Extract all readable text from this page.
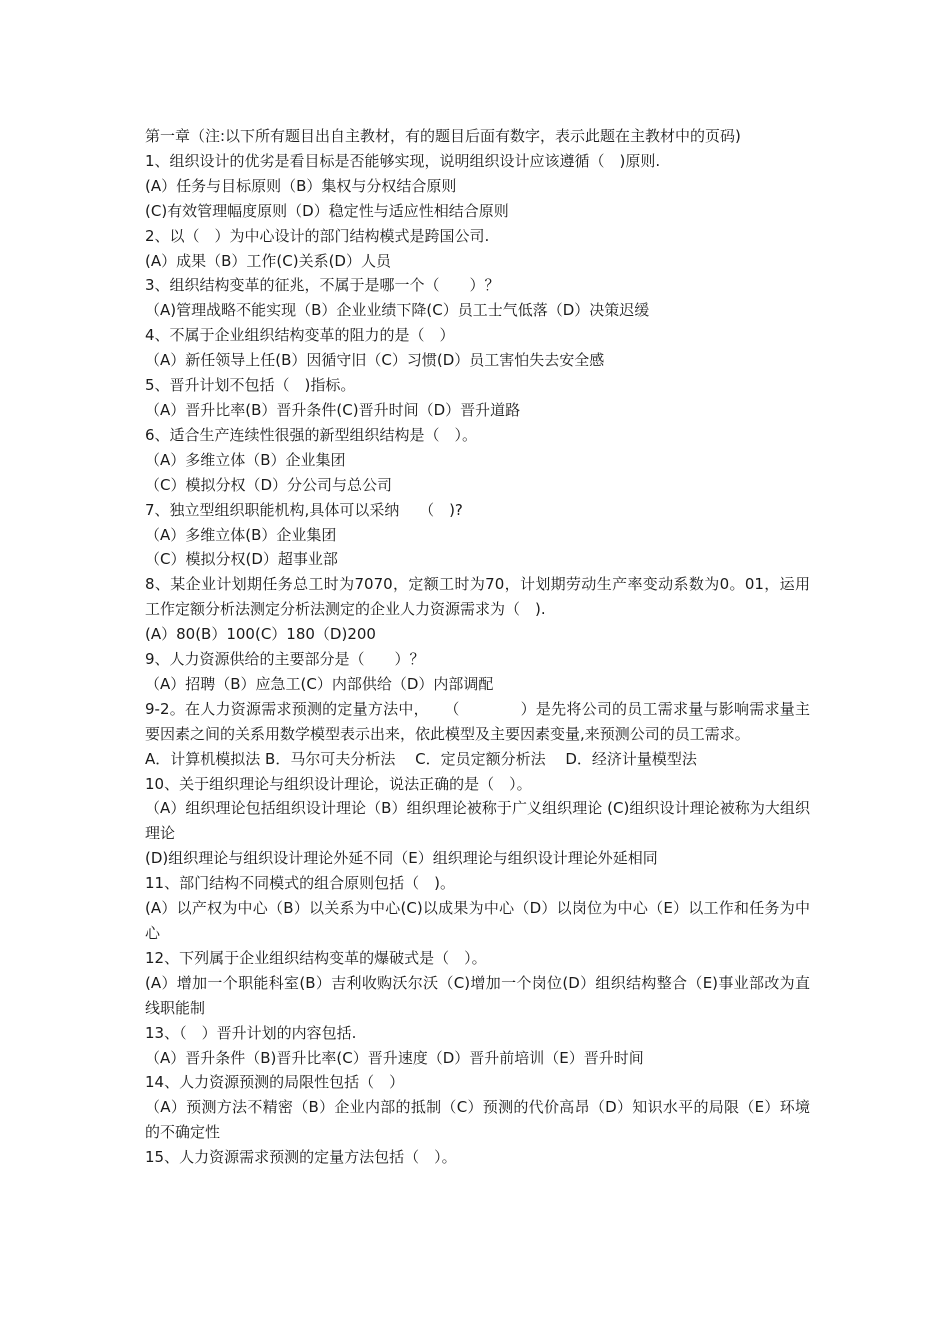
第一章（注:以下所有题目出自主教材，有的题目后面有数字，表示此题在主教材中的页码)

1、组织设计的优劣是看目标是否能够实现，说明组织设计应该遵循（　)原则.

(A）任务与目标原则（B）集权与分权结合原则

(C)有效管理幅度原则（D）稳定性与适应性相结合原则

2、以（　）为中心设计的部门结构模式是跨国公司.

(A）成果（B）工作(C)关系(D）人员

3、组织结构变革的征兆，不属于是哪一个（　　）？

（A)管理战略不能实现（B）企业业绩下降(C）员工士气低落（D）决策迟缓

4、不属于企业组织结构变革的阻力的是（　）

（A）新任领导上任(B）因循守旧（C）习惯(D）员工害怕失去安全感

5、晋升计划不包括（　)指标。

（A）晋升比率(B）晋升条件(C)晋升时间（D）晋升道路

6、适合生产连续性很强的新型组织结构是（　）。

（A）多维立体（B）企业集团

（C）模拟分权（D）分公司与总公司

7、独立型组织职能机构,具体可以采纳　 （　)?

（A）多维立体(B）企业集团

（C）模拟分权(D）超事业部

8、某企业计划期任务总工时为7070，定额工时为70，计划期劳动生产率变动系数为0。01，运用工作定额分析法测定分析法测定的企业人力资源需求为（　).

(A）80(B）100(C）180（D)200

9、人力资源供给的主要部分是（　　）？

（A）招聘（B）应急工(C）内部供给（D）内部调配

9-2。在人力资源需求预测的定量方法中，　　（　　　　）是先将公司的员工需求量与影响需求量主要因素之间的关系用数学模型表示出来，依此模型及主要因素变量,来预测公司的员工需求。

A．计算机模拟法 B．马尔可夫分析法　 C．定员定额分析法　 D．经济计量模型法

10、关于组织理论与组织设计理论，说法正确的是（　）。

（A）组织理论包括组织设计理论（B）组织理论被称于广义组织理论 (C)组织设计理论被称为大组织理论

(D)组织理论与组织设计理论外延不同（E）组织理论与组织设计理论外延相同

11、部门结构不同模式的组合原则包括（　)。

(A）以产权为中心（B）以关系为中心(C)以成果为中心（D）以岗位为中心（E）以工作和任务为中心

12、下列属于企业组织结构变革的爆破式是（　）。

(A）增加一个职能科室(B）吉利收购沃尔沃（C)增加一个岗位(D）组织结构整合（E)事业部改为直线职能制

13、（　）晋升计划的内容包括.

（A）晋升条件（B)晋升比率(C）晋升速度（D）晋升前培训（E）晋升时间

14、人力资源预测的局限性包括（　）

（A）预测方法不精密（B）企业内部的抵制（C）预测的代价高昂（D）知识水平的局限（E）环境的不确定性

15、人力资源需求预测的定量方法包括（　）。
